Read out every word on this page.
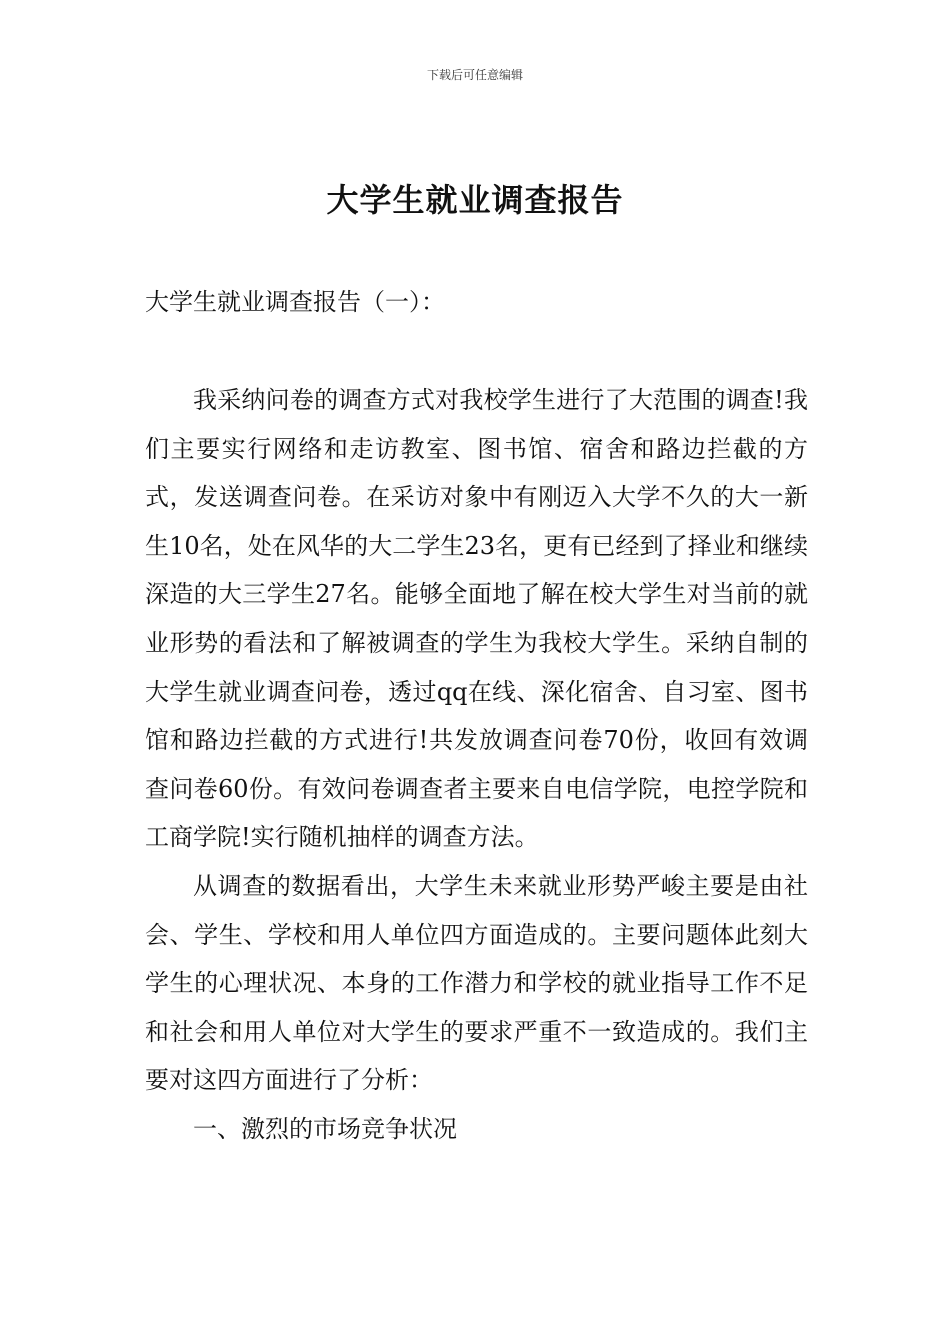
下载后可任意编辑
大学生就业调查报告

大学生就业调查报告（一）：

我采纳问卷的调查方式对我校学生进行了大范围的调查!我们主要实行网络和走访教室、图书馆、宿舍和路边拦截的方式，发送调查问卷。在采访对象中有刚迈入大学不久的大一新生10名，处在风华的大二学生23名，更有已经到了择业和继续深造的大三学生27名。能够全面地了解在校大学生对当前的就业形势的看法和了解被调查的学生为我校大学生。采纳自制的大学生就业调查问卷，透过qq在线、深化宿舍、自习室、图书馆和路边拦截的方式进行!共发放调查问卷70份，收回有效调查问卷60份。有效问卷调查者主要来自电信学院，电控学院和工商学院!实行随机抽样的调查方法。

从调查的数据看出，大学生未来就业形势严峻主要是由社会、学生、学校和用人单位四方面造成的。主要问题体此刻大学生的心理状况、本身的工作潜力和学校的就业指导工作不足和社会和用人单位对大学生的要求严重不一致造成的。我们主要对这四方面进行了分析：

一、激烈的市场竞争状况
